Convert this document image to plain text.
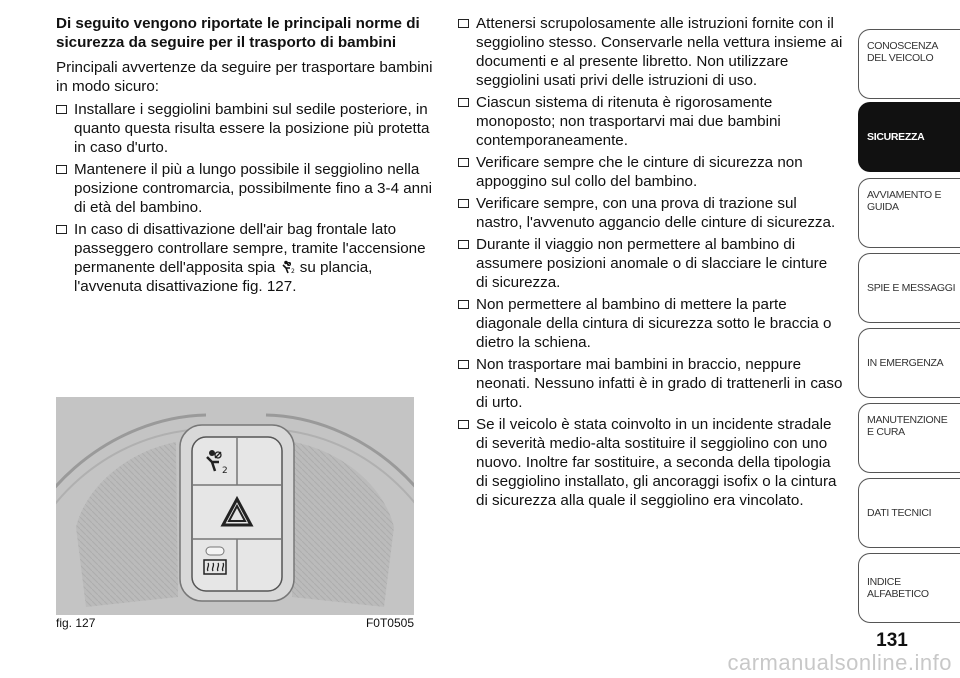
Di seguito vengono riportate le principali norme di sicurezza da seguire per il trasporto di bambini

Principali avvertenze da seguire per trasportare bambini in modo sicuro:

Installare i seggiolini bambini sul sedile posteriore, in quanto questa risulta essere la posizione più protetta in caso d'urto.
Mantenere il più a lungo possibile il seggiolino nella posizione contromarcia, possibilmente fino a 3-4 anni di età del bambino.
In caso di disattivazione dell'air bag frontale lato passeggero controllare sempre, tramite l'accensione permanente dell'apposita spia	2 su plancia, l'avvenuta disattivazione fig. 127.
2
fig. 127	F0T0505
Attenersi scrupolosamente alle istruzioni fornite con il seggiolino stesso. Conservarle nella vettura insieme ai documenti e al presente libretto. Non utilizzare seggiolini usati privi delle istruzioni di uso.
Ciascun sistema di ritenuta è rigorosamente monoposto; non trasportarvi mai due bambini contemporaneamente.
Verificare sempre che le cinture di sicurezza non appoggino sul collo del bambino.
Verificare sempre, con una prova di trazione sul nastro, l'avvenuto aggancio delle cinture di sicurezza.
Durante il viaggio non permettere al bambino di assumere posizioni anomale o di slacciare le cinture di sicurezza.
Non permettere al bambino di mettere la parte diagonale della cintura di sicurezza sotto le braccia o dietro la schiena.
Non trasportare mai bambini in braccio, neppure neonati. Nessuno infatti è in grado di trattenerli in caso di urto.
Se il veicolo è stata coinvolto in un incidente stradale di severità medio-alta sostituire il seggiolino con uno nuovo. Inoltre far sostituire, a seconda della tipologia di seggiolino installato, gli ancoraggi isofix o la cintura di sicurezza alla quale il seggiolino era vincolato.
CONOSCENZA DEL VEICOLO
SICUREZZA
AVVIAMENTO E GUIDA
SPIE E MESSAGGI
IN EMERGENZA
MANUTENZIONE E CURA
DATI TECNICI
INDICE ALFABETICO
131
carmanualsonline.info
